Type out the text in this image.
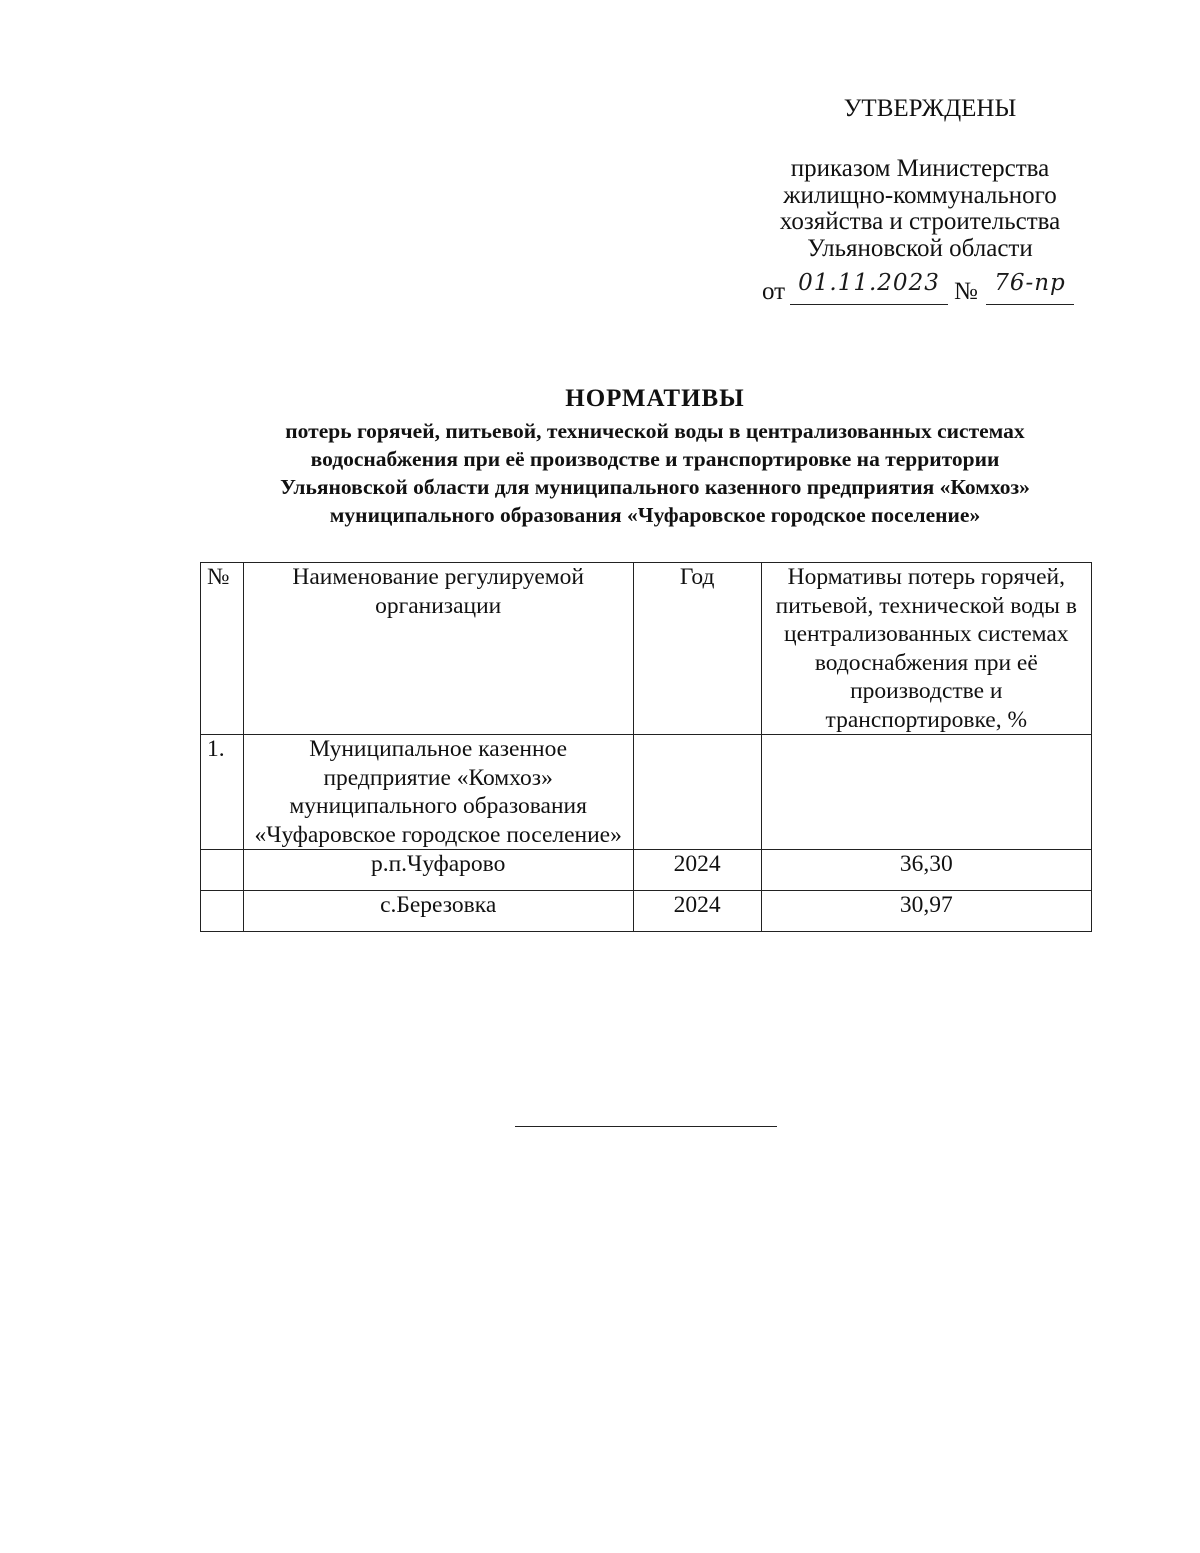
УТВЕРЖДЕНЫ
приказом Министерства
жилищно-коммунального
хозяйства и строительства
Ульяновской области
от 01.11.2023 № 76-пр
НОРМАТИВЫ
потерь горячей, питьевой, технической воды в централизованных системах
водоснабжения при её производстве и транспортировке на территории
Ульяновской области для муниципального казенного предприятия «Комхоз»
муниципального образования «Чуфаровское городское поселение»
№	Наименование регулируемой организации	Год	Нормативы потерь горячей, питьевой, технической воды в централизованных системах водоснабжения при её производстве и транспортировке, %
1.	Муниципальное казенное предприятие «Комхоз» муниципального образования «Чуфаровское городское поселение»		
	р.п.Чуфарово	2024	36,30
	с.Березовка	2024	30,97
